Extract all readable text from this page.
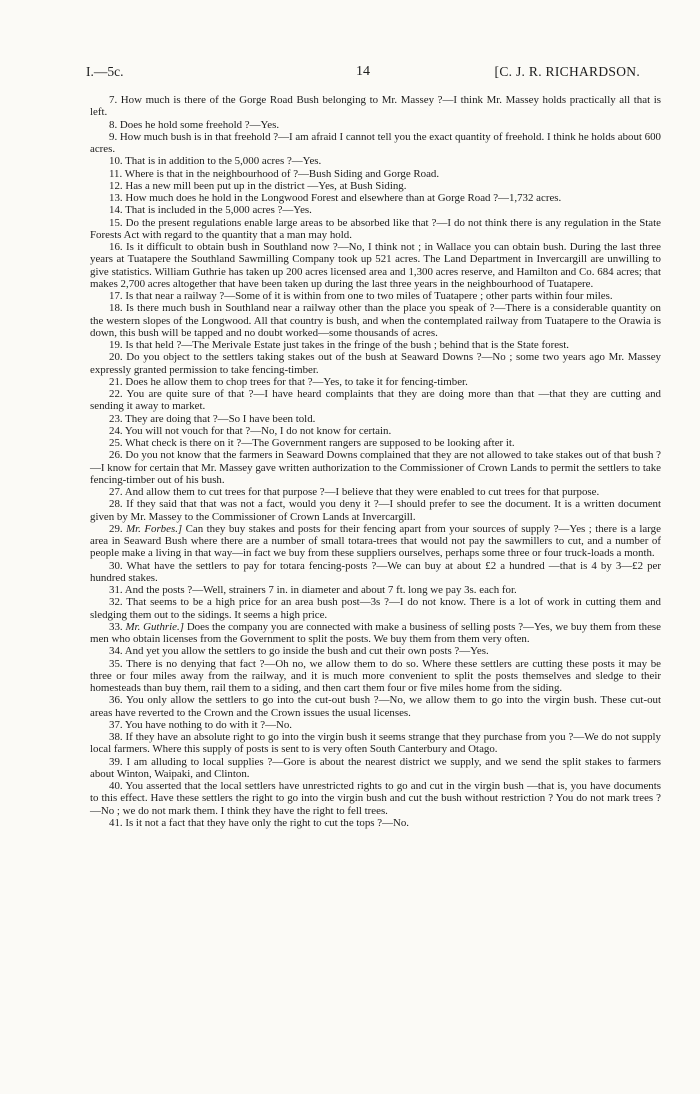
I.—5c.	14	[C. J. R. RICHARDSON.

7. How much is there of the Gorge Road Bush belonging to Mr. Massey ?—I think Mr. Massey holds practically all that is left.

8. Does he hold some freehold ?—Yes.

9. How much bush is in that freehold ?—I am afraid I cannot tell you the exact quantity of freehold. I think he holds about 600 acres.

10. That is in addition to the 5,000 acres ?—Yes.

11. Where is that in the neighbourhood of ?—Bush Siding and Gorge Road.

12. Has a new mill been put up in the district —Yes, at Bush Siding.

13. How much does he hold in the Longwood Forest and elsewhere than at Gorge Road ?—1,732 acres.

14. That is included in the 5,000 acres ?—Yes.

15. Do the present regulations enable large areas to be absorbed like that ?—I do not think there is any regulation in the State Forests Act with regard to the quantity that a man may hold.

16. Is it difficult to obtain bush in Southland now ?—No, I think not ; in Wallace you can obtain bush. During the last three years at Tuatapere the Southland Sawmilling Company took up 521 acres. The Land Department in Invercargill are unwilling to give statistics. William Guthrie has taken up 200 acres licensed area and 1,300 acres reserve, and Hamilton and Co. 684 acres; that makes 2,700 acres altogether that have been taken up during the last three years in the neighbourhood of Tuatapere.

17. Is that near a railway ?—Some of it is within from one to two miles of Tuatapere ; other parts within four miles.

18. Is there much bush in Southland near a railway other than the place you speak of ?—There is a considerable quantity on the western slopes of the Longwood. All that country is bush, and when the contemplated railway from Tuatapere to the Orawia is down, this bush will be tapped and no doubt worked—some thousands of acres.

19. Is that held ?—The Merivale Estate just takes in the fringe of the bush ; behind that is the State forest.

20. Do you object to the settlers taking stakes out of the bush at Seaward Downs ?—No ; some two years ago Mr. Massey expressly granted permission to take fencing-timber.

21. Does he allow them to chop trees for that ?—Yes, to take it for fencing-timber.

22. You are quite sure of that ?—I have heard complaints that they are doing more than that —that they are cutting and sending it away to market.

23. They are doing that ?—So I have been told.

24. You will not vouch for that ?—No, I do not know for certain.

25. What check is there on it ?—The Government rangers are supposed to be looking after it.

26. Do you not know that the farmers in Seaward Downs complained that they are not allowed to take stakes out of that bush ?—I know for certain that Mr. Massey gave written authorization to the Commissioner of Crown Lands to permit the settlers to take fencing-timber out of his bush.

27. And allow them to cut trees for that purpose ?—I believe that they were enabled to cut trees for that purpose.

28. If they said that that was not a fact, would you deny it ?—I should prefer to see the document. It is a written document given by Mr. Massey to the Commissioner of Crown Lands at Invercargill.

29. Mr. Forbes.] Can they buy stakes and posts for their fencing apart from your sources of supply ?—Yes ; there is a large area in Seaward Bush where there are a number of small totara-trees that would not pay the sawmillers to cut, and a number of people make a living in that way—in fact we buy from these suppliers ourselves, perhaps some three or four truck-loads a month.

30. What have the settlers to pay for totara fencing-posts ?—We can buy at about £2 a hundred —that is 4 by 3—£2 per hundred stakes.

31. And the posts ?—Well, strainers 7 in. in diameter and about 7 ft. long we pay 3s. each for.

32. That seems to be a high price for an area bush post—3s ?—I do not know. There is a lot of work in cutting them and sledging them out to the sidings. It seems a high price.

33. Mr. Guthrie.] Does the company you are connected with make a business of selling posts ?—Yes, we buy them from these men who obtain licenses from the Government to split the posts. We buy them from them very often.

34. And yet you allow the settlers to go inside the bush and cut their own posts ?—Yes.

35. There is no denying that fact ?—Oh no, we allow them to do so. Where these settlers are cutting these posts it may be three or four miles away from the railway, and it is much more convenient to split the posts themselves and sledge to their homesteads than buy them, rail them to a siding, and then cart them four or five miles home from the siding.

36. You only allow the settlers to go into the cut-out bush ?—No, we allow them to go into the virgin bush. These cut-out areas have reverted to the Crown and the Crown issues the usual licenses.

37. You have nothing to do with it ?—No.

38. If they have an absolute right to go into the virgin bush it seems strange that they purchase from you ?—We do not supply local farmers. Where this supply of posts is sent to is very often South Canterbury and Otago.

39. I am alluding to local supplies ?—Gore is about the nearest district we supply, and we send the split stakes to farmers about Winton, Waipaki, and Clinton.

40. You asserted that the local settlers have unrestricted rights to go and cut in the virgin bush —that is, you have documents to this effect. Have these settlers the right to go into the virgin bush and cut the bush without restriction ? You do not mark trees ?—No ; we do not mark them. I think they have the right to fell trees.

41. Is it not a fact that they have only the right to cut the tops ?—No.
